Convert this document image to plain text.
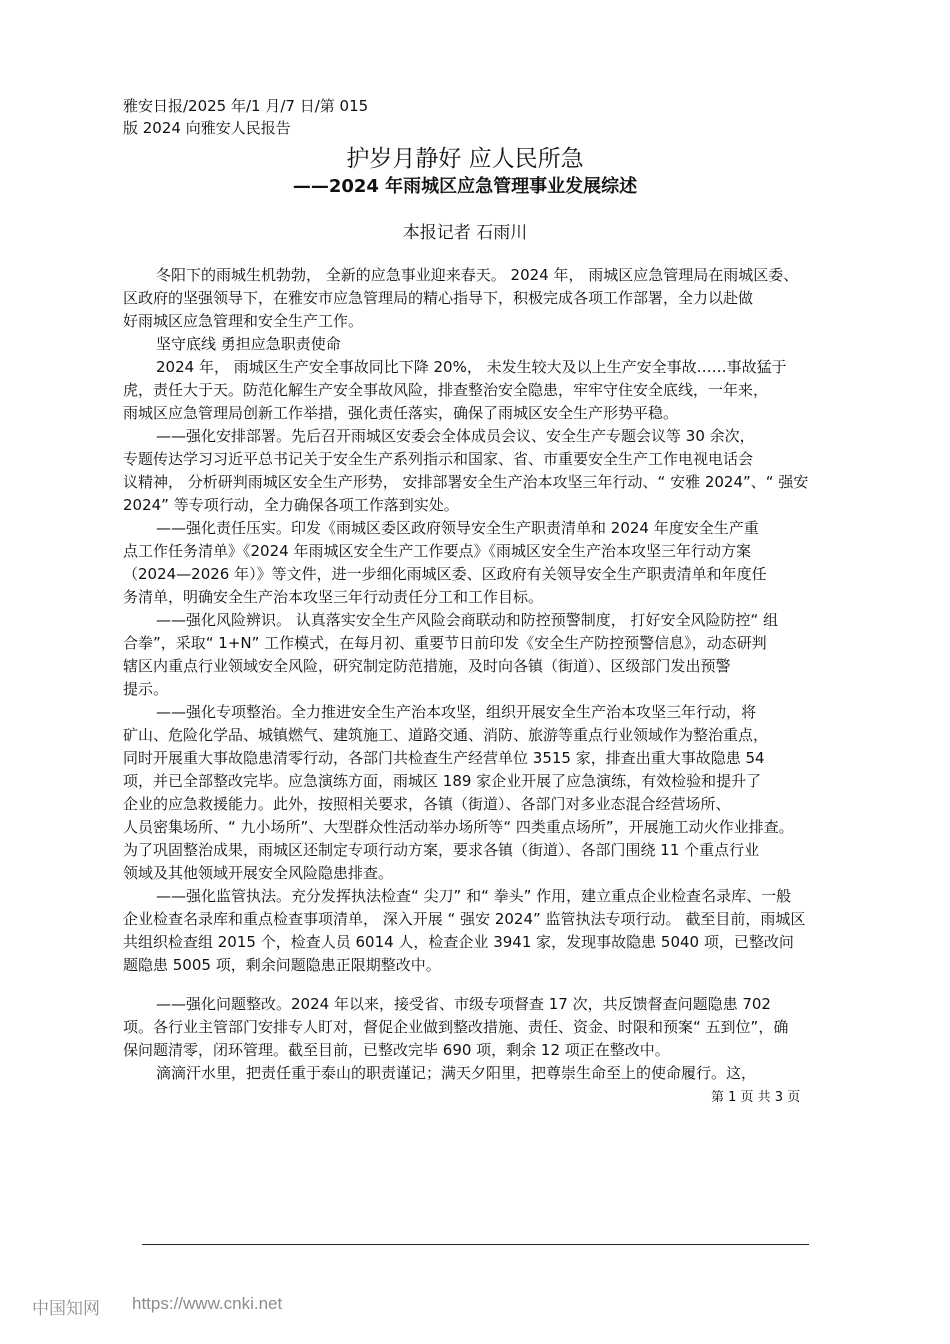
雅安日报/2025 年/1 月/7 日/第 015
版 2024 向雅安人民报告
护岁月静好 应人民所急
——2024 年雨城区应急管理事业发展综述
本报记者 石雨川
冬阳下的雨城生机勃勃， 全新的应急事业迎来春天。 2024 年， 雨城区应急管理局在雨城区委、
区政府的坚强领导下，在雅安市应急管理局的精心指导下，积极完成各项工作部署，全力以赴做
好雨城区应急管理和安全生产工作。
坚守底线 勇担应急职责使命
2024 年， 雨城区生产安全事故同比下降 20%， 未发生较大及以上生产安全事故……事故猛于
虎，责任大于天。防范化解生产安全事故风险，排查整治安全隐患，牢牢守住安全底线，一年来，
雨城区应急管理局创新工作举措，强化责任落实，确保了雨城区安全生产形势平稳。
——强化安排部署。先后召开雨城区安委会全体成员会议、安全生产专题会议等 30 余次，
专题传达学习习近平总书记关于安全生产系列指示和国家、省、市重要安全生产工作电视电话会
议精神， 分析研判雨城区安全生产形势， 安排部署安全生产治本攻坚三年行动、“ 安雅 2024”、“ 强安
2024” 等专项行动，全力确保各项工作落到实处。
——强化责任压实。印发《雨城区委区政府领导安全生产职责清单和 2024 年度安全生产重
点工作任务清单》《2024 年雨城区安全生产工作要点》《雨城区安全生产治本攻坚三年行动方案
（2024—2026 年）》等文件，进一步细化雨城区委、区政府有关领导安全生产职责清单和年度任
务清单，明确安全生产治本攻坚三年行动责任分工和工作目标。
——强化风险辨识。 认真落实安全生产风险会商联动和防控预警制度， 打好安全风险防控“ 组
合拳”，采取“ 1+N” 工作模式，在每月初、重要节日前印发《安全生产防控预警信息》，动态研判
辖区内重点行业领域安全风险，研究制定防范措施，及时向各镇（街道）、区级部门发出预警
提示。
——强化专项整治。全力推进安全生产治本攻坚，组织开展安全生产治本攻坚三年行动，将
矿山、危险化学品、城镇燃气、建筑施工、道路交通、消防、旅游等重点行业领域作为整治重点，
同时开展重大事故隐患清零行动，各部门共检查生产经营单位 3515 家，排查出重大事故隐患 54
项，并已全部整改完毕。应急演练方面，雨城区 189 家企业开展了应急演练，有效检验和提升了
企业的应急救援能力。此外，按照相关要求，各镇（街道）、各部门对多业态混合经营场所、
人员密集场所、“ 九小场所”、大型群众性活动举办场所等“ 四类重点场所”，开展施工动火作业排查。
为了巩固整治成果，雨城区还制定专项行动方案，要求各镇（街道）、各部门围绕 11 个重点行业
领域及其他领域开展安全风险隐患排查。
——强化监管执法。充分发挥执法检查“ 尖刀” 和“ 拳头” 作用，建立重点企业检查名录库、一般
企业检查名录库和重点检查事项清单， 深入开展 “ 强安 2024” 监管执法专项行动。 截至目前，雨城区
共组织检查组 2015 个，检查人员 6014 人，检查企业 3941 家，发现事故隐患 5040 项，已整改问
题隐患 5005 项，剩余问题隐患正限期整改中。
——强化问题整改。2024 年以来，接受省、市级专项督查 17 次，共反馈督查问题隐患 702
项。各行业主管部门安排专人盯对，督促企业做到整改措施、责任、资金、时限和预案“ 五到位”，确
保问题清零，闭环管理。截至目前，已整改完毕 690 项，剩余 12 项正在整改中。
滴滴汗水里，把责任重于泰山的职责谨记；满天夕阳里，把尊崇生命至上的使命履行。这，
第 1 页 共 3 页
中国知网 https://www.cnki.net
